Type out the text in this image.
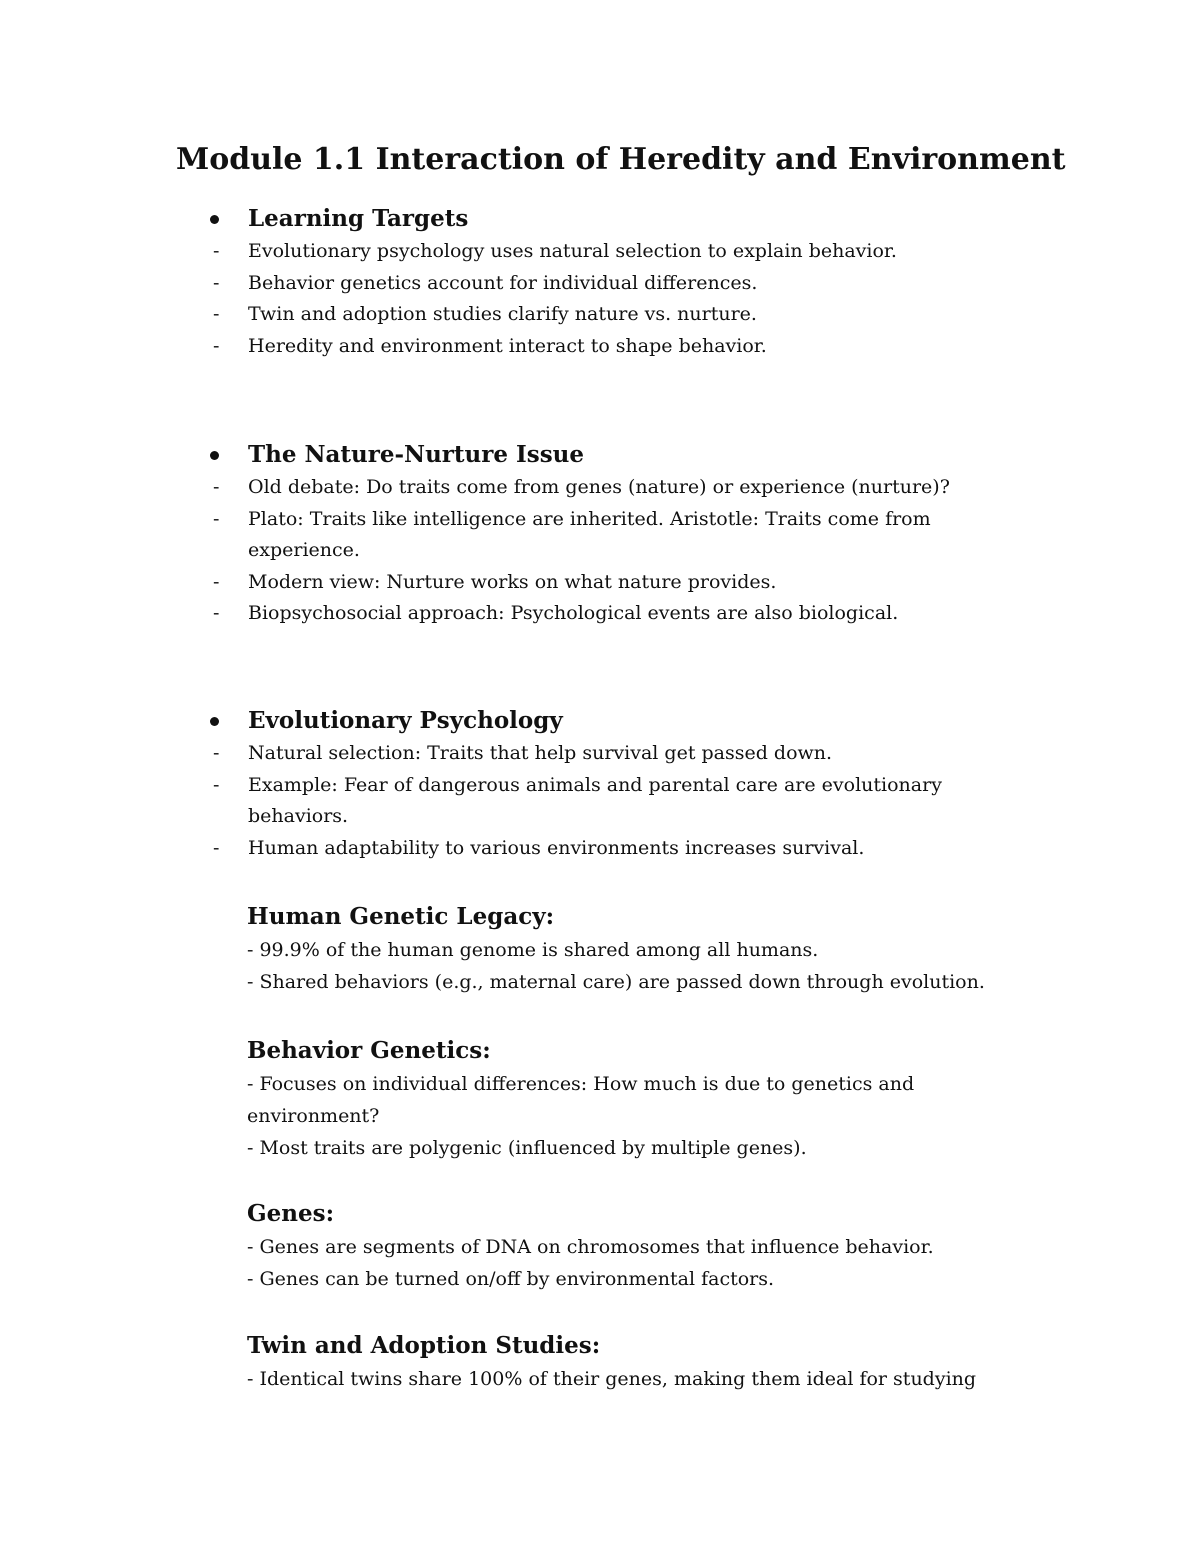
Module 1.1 Interaction of Heredity and Environment
Learning Targets
-	Evolutionary psychology uses natural selection to explain behavior.
-	Behavior genetics account for individual differences.
-	Twin and adoption studies clarify nature vs. nurture.
-	Heredity and environment interact to shape behavior.
The Nature-Nurture Issue
-	Old debate: Do traits come from genes (nature) or experience (nurture)?
-	Plato: Traits like intelligence are inherited. Aristotle: Traits come from experience.
-	Modern view: Nurture works on what nature provides.
-	Biopsychosocial approach: Psychological events are also biological.
Evolutionary Psychology
-	Natural selection: Traits that help survival get passed down.
-	Example: Fear of dangerous animals and parental care are evolutionary behaviors.
-	Human adaptability to various environments increases survival.
Human Genetic Legacy:

- 99.9% of the human genome is shared among all humans.

- Shared behaviors (e.g., maternal care) are passed down through evolution.

Behavior Genetics:

- Focuses on individual differences: How much is due to genetics and environment?

- Most traits are polygenic (influenced by multiple genes).

Genes:

- Genes are segments of DNA on chromosomes that influence behavior.

- Genes can be turned on/off by environmental factors.

Twin and Adoption Studies:

- Identical twins share 100% of their genes, making them ideal for studying
